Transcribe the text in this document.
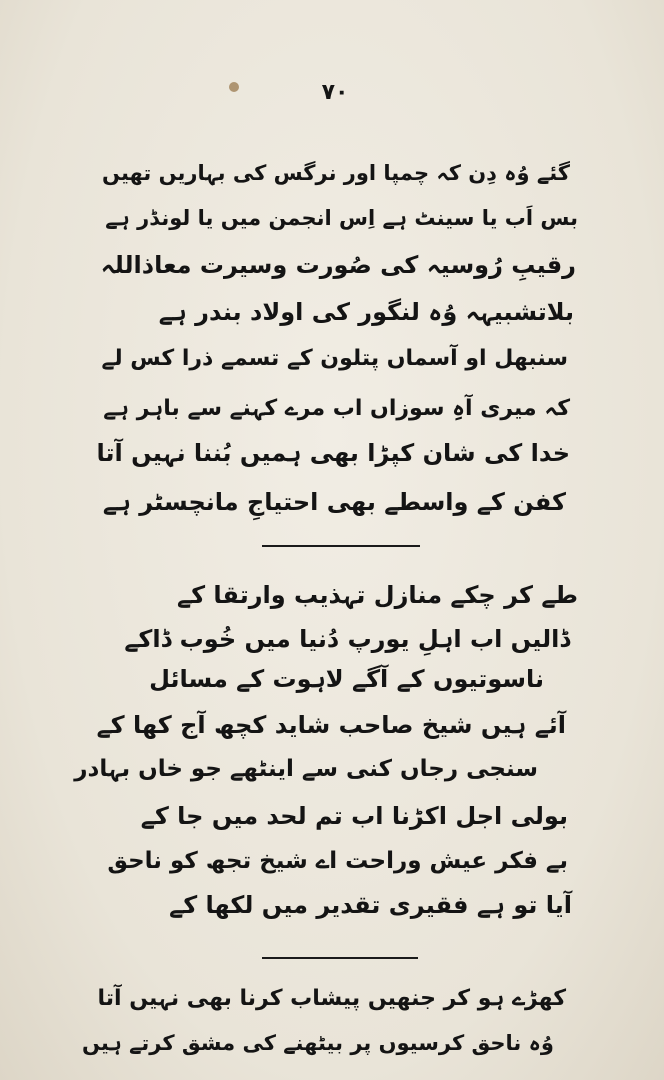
۷۰
گئے وُہ دِن کہ چمپا اور نرگس کی بہاریں تھیں
بس اَب یا سینٹ ہے اِس انجمن میں یا لونڈر ہے
رقیبِ رُوسیہ کی صُورت وسیرت معاذاللہ
بلاتشبیہہ وُہ لنگور کی اولاد بندر ہے
سنبھل او آسماں پتلون کے تسمے ذرا کس لے
کہ میری آہِ سوزاں اب مرے کہنے سے باہر ہے
خدا کی شان کپڑا بھی ہمیں بُننا نہیں آتا
کفن کے واسطے بھی احتیاجِ مانچسٹر ہے
طے کر چکے منازل تہذیب وارتقا کے
ڈالیں اب اہلِ یورپ دُنیا میں خُوب ڈاکے
ناسوتیوں کے آگے لاہوت کے مسائل
آئے ہیں شیخ صاحب شاید کچھ آج کھا کے
سنجی رجاں کنی سے اینٹھے جو خاں بہادر
بولی اجل اکڑنا اب تم لحد میں جا کے
بے فکر عیش وراحت اے شیخ تجھ کو ناحق
آیا تو ہے فقیری تقدیر میں لکھا کے
کھڑے ہو کر جنھیں پیشاب کرنا بھی نہیں آتا
وُہ ناحق کرسیوں پر بیٹھنے کی مشق کرتے ہیں
